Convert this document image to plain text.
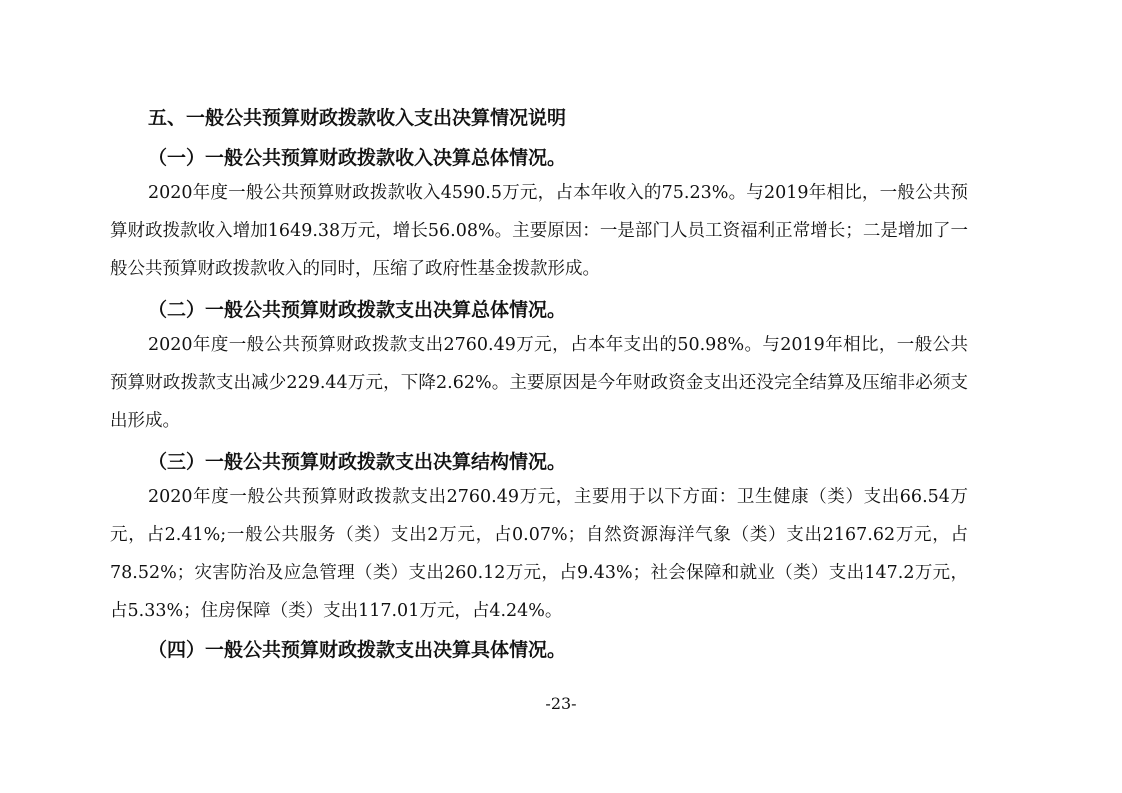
五、一般公共预算财政拨款收入支出决算情况说明
（一）一般公共预算财政拨款收入决算总体情况。

2020年度一般公共预算财政拨款收入4590.5万元，占本年收入的75.23%。与2019年相比，一般公共预算财政拨款收入增加1649.38万元，增长56.08%。主要原因：一是部门人员工资福利正常增长；二是增加了一般公共预算财政拨款收入的同时，压缩了政府性基金拨款形成。

（二）一般公共预算财政拨款支出决算总体情况。

2020年度一般公共预算财政拨款支出2760.49万元，占本年支出的50.98%。与2019年相比，一般公共预算财政拨款支出减少229.44万元，下降2.62%。主要原因是今年财政资金支出还没完全结算及压缩非必须支出形成。

（三）一般公共预算财政拨款支出决算结构情况。

2020年度一般公共预算财政拨款支出2760.49万元，主要用于以下方面：卫生健康（类）支出66.54万元，占2.41%;一般公共服务（类）支出2万元，占0.07%；自然资源海洋气象（类）支出2167.62万元，占78.52%；灾害防治及应急管理（类）支出260.12万元，占9.43%；社会保障和就业（类）支出147.2万元，占5.33%；住房保障（类）支出117.01万元，占4.24%。

（四）一般公共预算财政拨款支出决算具体情况。
-23-
